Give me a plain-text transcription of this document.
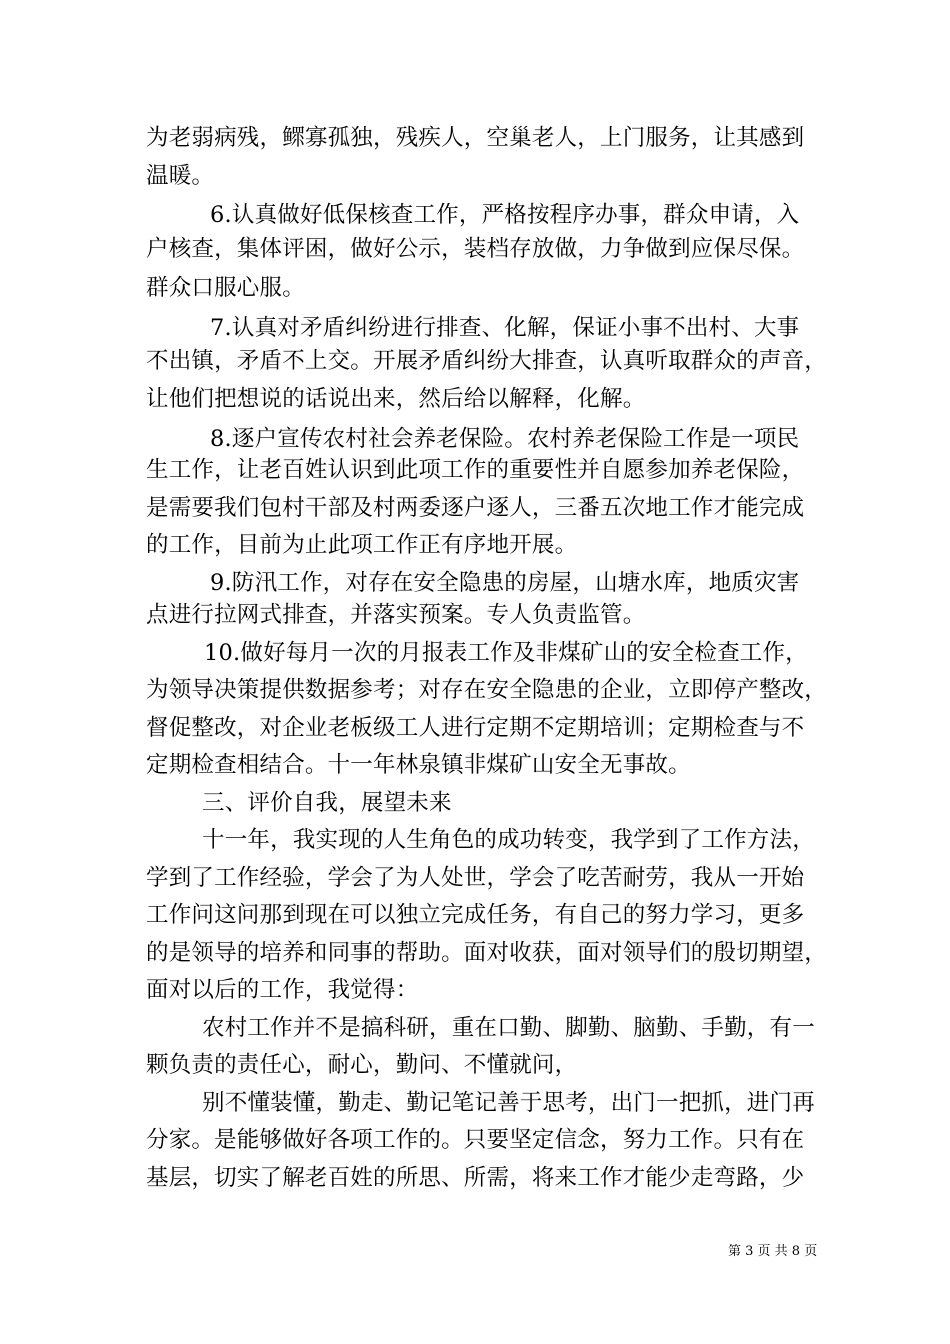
为老弱病残，鳏寡孤独，残疾人，空巢老人，上门服务，让其感到
温暖。
6.认真做好低保核查工作，严格按程序办事，群众申请，入
户核查，集体评困，做好公示，装档存放做，力争做到应保尽保。
群众口服心服。
7.认真对矛盾纠纷进行排查、化解，保证小事不出村、大事
不出镇，矛盾不上交。开展矛盾纠纷大排查，认真听取群众的声音，
让他们把想说的话说出来，然后给以解释，化解。
8.逐户宣传农村社会养老保险。农村养老保险工作是一项民
生工作，让老百姓认识到此项工作的重要性并自愿参加养老保险，
是需要我们包村干部及村两委逐户逐人，三番五次地工作才能完成
的工作，目前为止此项工作正有序地开展。
9.防汛工作，对存在安全隐患的房屋，山塘水库，地质灾害
点进行拉网式排查，并落实预案。专人负责监管。
10.做好每月一次的月报表工作及非煤矿山的安全检查工作，
为领导决策提供数据参考；对存在安全隐患的企业，立即停产整改，
督促整改，对企业老板级工人进行定期不定期培训；定期检查与不
定期检查相结合。十一年林泉镇非煤矿山安全无事故。
三、评价自我，展望未来
十一年，我实现的人生角色的成功转变，我学到了工作方法，
学到了工作经验，学会了为人处世，学会了吃苦耐劳，我从一开始
工作问这问那到现在可以独立完成任务，有自己的努力学习，更多
的是领导的培养和同事的帮助。面对收获，面对领导们的殷切期望，
面对以后的工作，我觉得：
农村工作并不是搞科研，重在口勤、脚勤、脑勤、手勤，有一
颗负责的责任心，耐心，勤问、不懂就问，
别不懂装懂，勤走、勤记笔记善于思考，出门一把抓，进门再
分家。是能够做好各项工作的。只要坚定信念，努力工作。只有在
基层，切实了解老百姓的所思、所需，将来工作才能少走弯路，少
第 3 页 共 8 页
